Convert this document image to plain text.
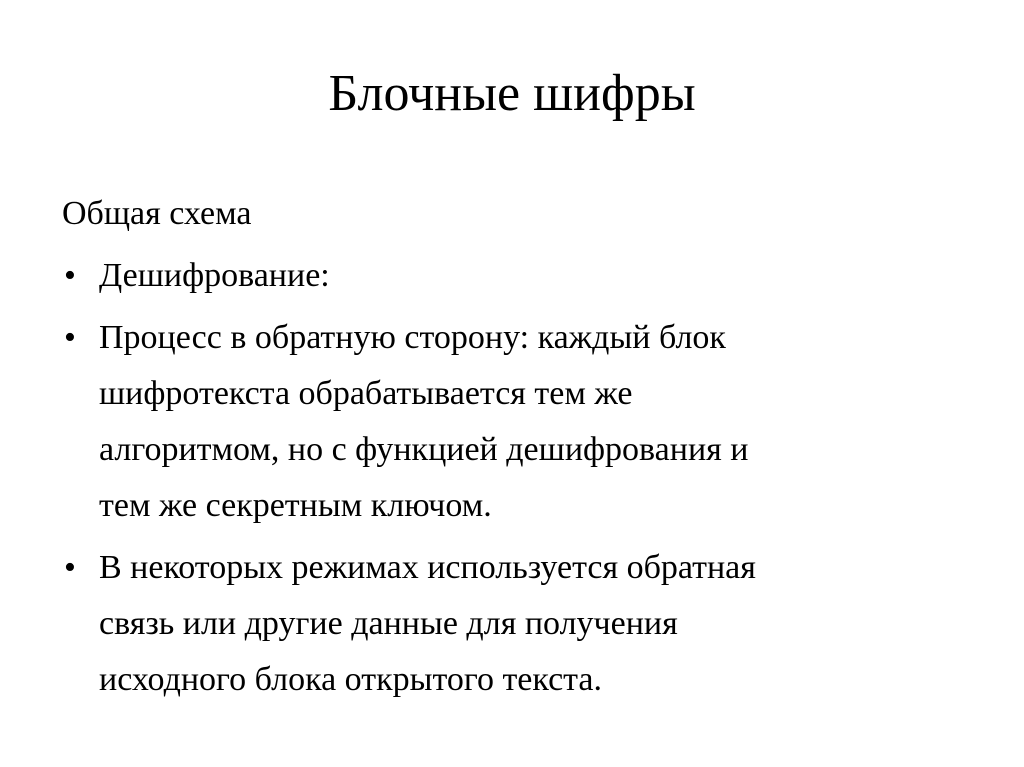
Блочные шифры
Общая схема
• Дешифрование:
• Процесс в обратную сторону: каждый блок
шифротекста обрабатывается тем же
алгоритмом, но с функцией дешифрования и
тем же секретным ключом.
• В некоторых режимах используется обратная
связь или другие данные для получения
исходного блока открытого текста.
